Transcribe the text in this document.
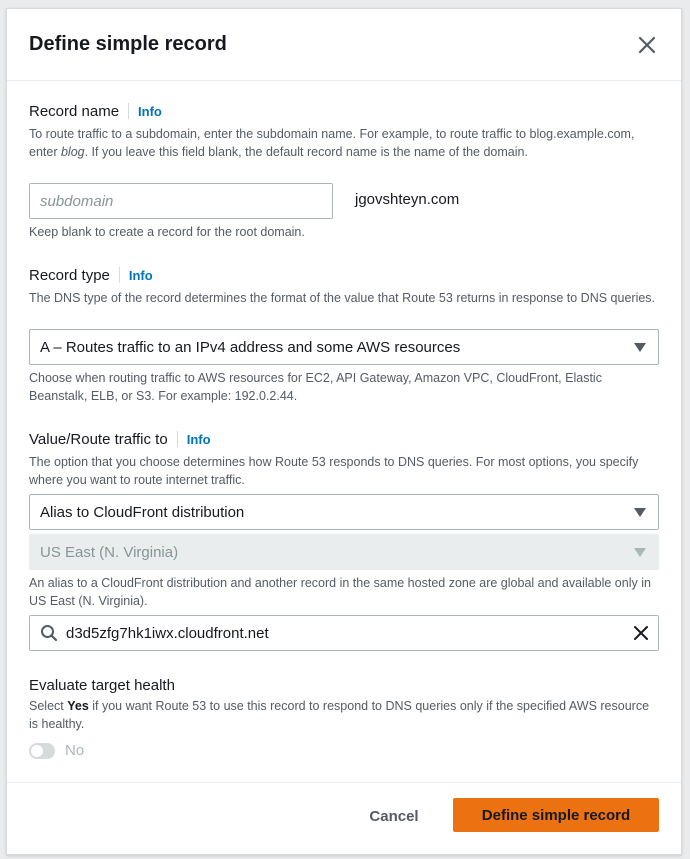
Define simple record
Record name Info
To route traffic to a subdomain, enter the subdomain name. For example, to route traffic to blog.example.com, enter blog. If you leave this field blank, the default record name is the name of the domain.
subdomain
jgovshteyn.com
Keep blank to create a record for the root domain.
Record type Info
The DNS type of the record determines the format of the value that Route 53 returns in response to DNS queries.
A – Routes traffic to an IPv4 address and some AWS resources
Choose when routing traffic to AWS resources for EC2, API Gateway, Amazon VPC, CloudFront, Elastic Beanstalk, ELB, or S3. For example: 192.0.2.44.
Value/Route traffic to Info
The option that you choose determines how Route 53 responds to DNS queries. For most options, you specify where you want to route internet traffic.
Alias to CloudFront distribution
US East (N. Virginia)
An alias to a CloudFront distribution and another record in the same hosted zone are global and available only in US East (N. Virginia).
d3d5zfg7hk1iwx.cloudfront.net
Evaluate target health
Select Yes if you want Route 53 to use this record to respond to DNS queries only if the specified AWS resource is healthy.
No
Cancel	Define simple record
